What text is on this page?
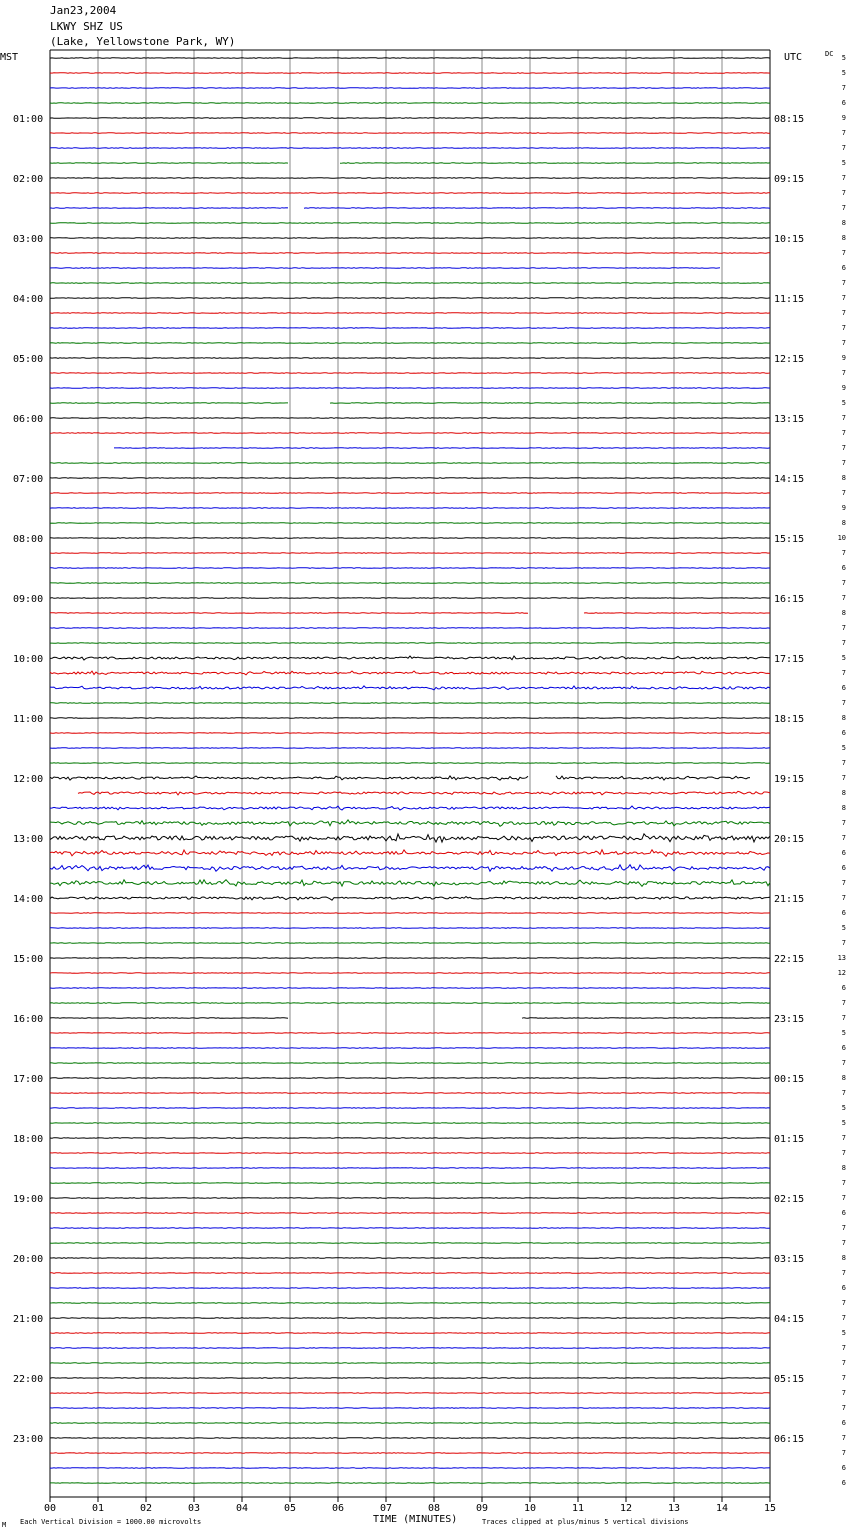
Jan23,2004
LKWY SHZ US
(Lake, Yellowstone Park, WY)
MST	UTC	DC
01:00
02:00
03:00
04:00
05:00
06:00
07:00
08:00
09:00
10:00
11:00
12:00
13:00
14:00
15:00
16:00
17:00
18:00
19:00
20:00
21:00
22:00
23:00
08:15
09:15
10:15
11:15
12:15
13:15
14:15
15:15
16:15
17:15
18:15
19:15
20:15
21:15
22:15
23:15
00:15
01:15
02:15
03:15
04:15
05:15
06:15
5
5
7
6
9
7
7
5
7
7
7
8
8
7
6
7
7
7
7
7
9
7
9
5
7
7
7
7
8
7
9
8
10
7
6
7
7
8
7
7
5
7
6
7
8
6
5
7
7
8
8
7
7
6
6
7
7
6
5
7
13
12
6
7
7
5
6
7
8
7
5
5
7
7
8
7
7
6
7
7
8
7
6
7
7
5
7
7
7
7
7
6
7
7
6
6
00	01	02	03	04	05	06	07	08	09	10	11	12	13	14	15
TIME (MINUTES)
Each Vertical Division = 1000.00 microvolts	Traces clipped at plus/minus 5 vertical divisions
M
